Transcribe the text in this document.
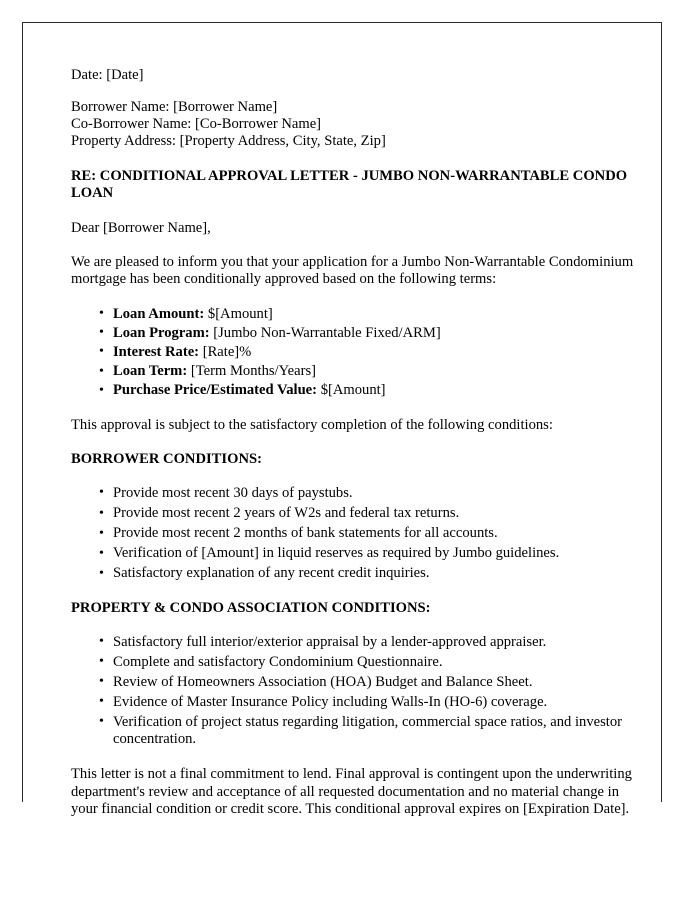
Date: [Date]
Borrower Name: [Borrower Name]
Co-Borrower Name: [Co-Borrower Name]
Property Address: [Property Address, City, State, Zip]
RE: CONDITIONAL APPROVAL LETTER - JUMBO NON-WARRANTABLE CONDO LOAN
Dear [Borrower Name],

We are pleased to inform you that your application for a Jumbo Non-Warrantable Condominium mortgage has been conditionally approved based on the following terms:

• Loan Amount: $[Amount]
• Loan Program: [Jumbo Non-Warrantable Fixed/ARM]
• Interest Rate: [Rate]%
• Loan Term: [Term Months/Years]
• Purchase Price/Estimated Value: $[Amount]

This approval is subject to the satisfactory completion of the following conditions:

BORROWER CONDITIONS:
• Provide most recent 30 days of paystubs.
• Provide most recent 2 years of W2s and federal tax returns.
• Provide most recent 2 months of bank statements for all accounts.
• Verification of [Amount] in liquid reserves as required by Jumbo guidelines.
• Satisfactory explanation of any recent credit inquiries.
PROPERTY & CONDO ASSOCIATION CONDITIONS:
• Satisfactory full interior/exterior appraisal by a lender-approved appraiser.
• Complete and satisfactory Condominium Questionnaire.
• Review of Homeowners Association (HOA) Budget and Balance Sheet.
• Evidence of Master Insurance Policy including Walls-In (HO-6) coverage.
• Verification of project status regarding litigation, commercial space ratios, and investor concentration.

This letter is not a final commitment to lend. Final approval is contingent upon the underwriting department's review and acceptance of all requested documentation and no material change in your financial condition or credit score. This conditional approval expires on [Expiration Date].
